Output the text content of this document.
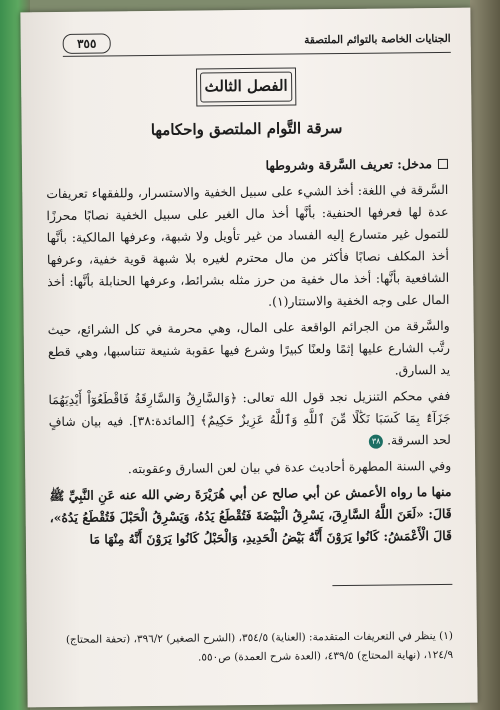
الجنايات الخاصة بالتوائم الملتصقة
٣٥٥
الفصل الثالث
سرقة التَّوام الملتصق واحكامها

مدخل: تعريف السَّرقة وشروطها

السَّرقة في اللغة: أخذ الشيء على سبيل الخفية والاستسرار، وللفقهاء تعريفات عدة لها فعرفها الحنفية: بأنَّها أخذ مال الغير على سبيل الخفية نصابًا محرزًا للتمول غير متسارع إليه الفساد من غير تأويل ولا شبهة، وعرفها المالكية: بأنَّها أخذ المكلف نصابًا فأكثر من مال محترم لغيره بلا شبهة قوية خفية، وعرفها الشافعية بأنَّها: أخذ مال خفية من حرز مثله بشرائط، وعرفها الحنابلة بأنَّها: أخذ المال على وجه الخفية والاستتار(١).

والسَّرقة من الجرائم الواقعة على المال، وهي محرمة في كل الشرائع، حيث رتَّب الشارع عليها إثمًا ولعنًا كبيرًا وشرع فيها عقوبة شنيعة تتناسبها، وهي قطع يد السارق.

ففي محكم التنزيل نجد قول الله تعالى: ﴿وَالسَّارِقُ وَالسَّارِقَةُ فَاقْطَعُوٓاْ أَيْدِيَهُمَا جَزَآءًۢ بِمَا كَسَبَا نَكَٰلًا مِّنَ ٱللَّهِ وَٱللَّهُ عَزِيزٌ حَكِيمٌ﴾ [المائدة:٣٨]. فيه بيان شافٍ لحد السرقة. ٣٨

وفي السنة المطهرة أحاديث عدة في بيان لعن السارق وعقوبته.

منها ما رواه الأعمش عن أبي صالح عن أبي هُرَيْرَةَ رضي الله عنه عَنِ النَّبِيِّ ﷺ قَالَ: «لَعَنَ اللَّهُ السَّارِقَ، يَسْرِقُ الْبَيْضَةَ فَتُقْطَعُ يَدُهُ، وَيَسْرِقُ الْحَبْلَ فَتُقْطَعُ يَدُهُ»، قَالَ الْأَعْمَشُ: كَانُوا يَرَوْنَ أَنَّهُ بَيْضُ الْحَدِيدِ، وَالْحَبْلُ كَانُوا يَرَوْنَ أَنَّهُ مِنْهَا مَا

(١) ينظر في التعريفات المتقدمة: (العناية) ٣٥٤/٥، (الشرح الصغير) ٣٩٦/٢، (تحفة المحتاج) ١٢٤/٩، (نهاية المحتاج) ٤٣٩/٥، (العدة شرح العمدة) ص٥٥٠.
